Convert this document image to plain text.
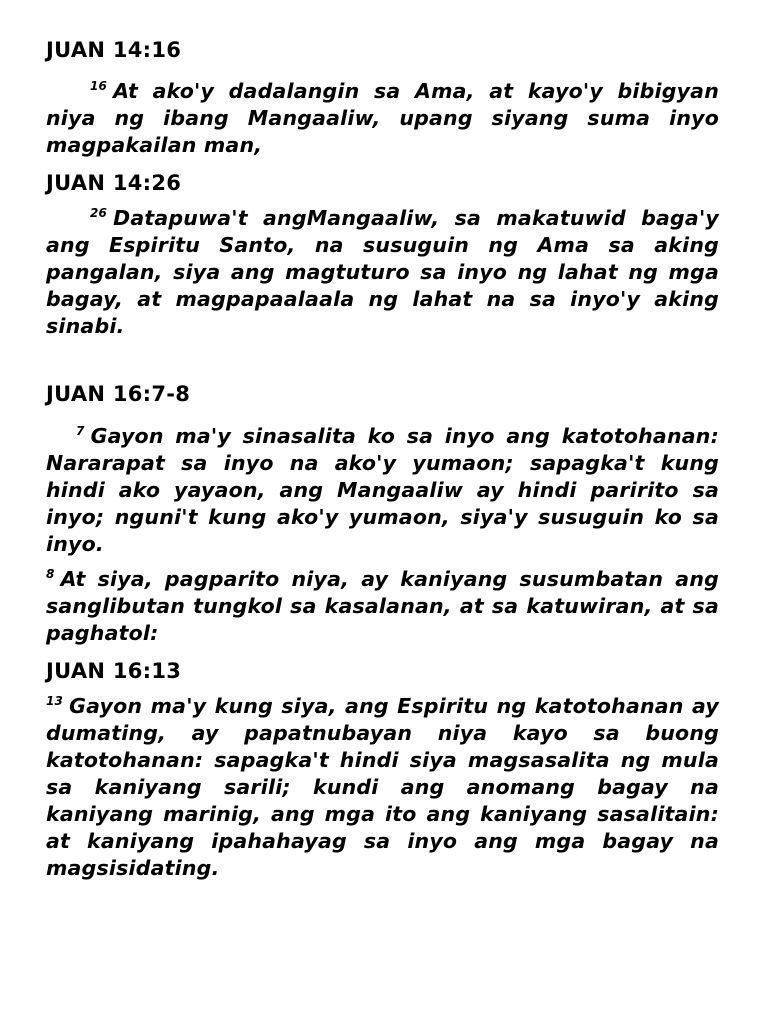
JUAN 14:16

$^{16}$ At ako'y dadalangin sa Ama, at kayo'y bibigyan niya ng ibang Mangaaliw, upang siyang suma inyo magpakailan man,

JUAN 14:26

$^{26}$ Datapuwa't angMangaaliw, sa makatuwid baga'y ang Espiritu Santo, na susuguin ng Ama sa aking pangalan, siya ang magtuturo sa inyo ng lahat ng mga bagay, at magpapaalaala ng lahat na sa inyo'y aking sinabi.

JUAN 16:7-8

$^7$ Gayon ma'y sinasalita ko sa inyo ang katotohanan: Nararapat sa inyo na ako'y yumaon; sapagka't kung hindi ako yayaon, ang Mangaaliw ay hindi paririto sa inyo; nguni't kung ako'y yumaon, siya'y susuguin ko sa inyo.

$^8$ At siya, pagparito niya, ay kaniyang susumbatan ang sanglibutan tungkol sa kasalanan, at sa katuwiran, at sa paghatol:

JUAN 16:13

$^{13}$ Gayon ma'y kung siya, ang Espiritu ng katotohanan ay dumating, ay papatnubayan niya kayo sa buong katotohanan: sapagka't hindi siya magsasalita ng mula sa kaniyang sarili; kundi ang anomang bagay na kaniyang marinig, ang mga ito ang kaniyang sasalitain: at kaniyang ipahahayag sa inyo ang mga bagay na magsisidating.
